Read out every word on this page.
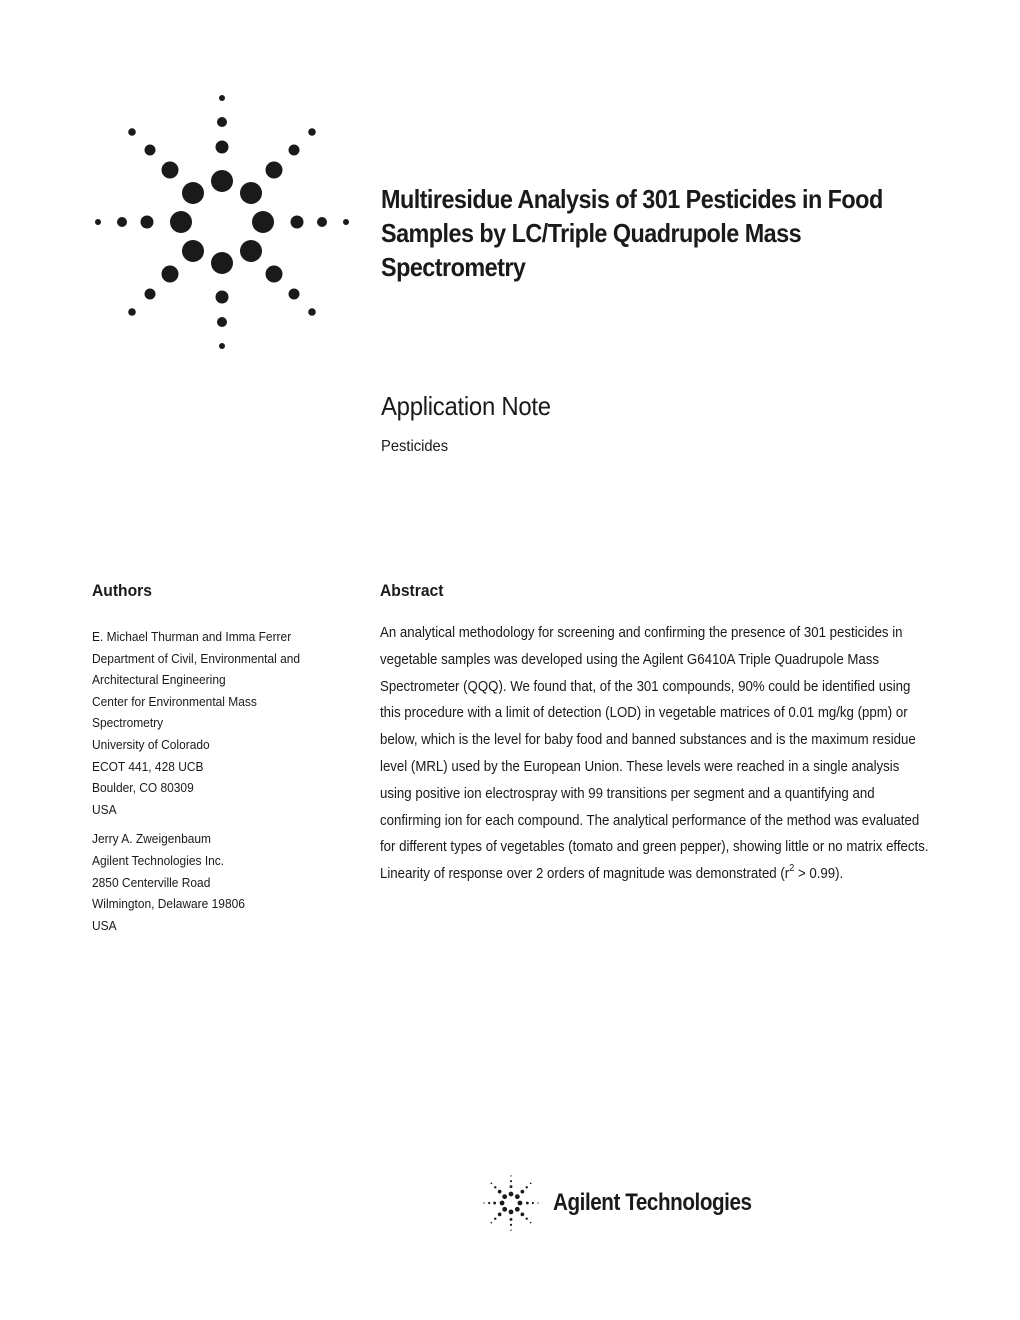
Multiresidue Analysis of 301 Pesticides in Food Samples by LC/Triple Quadrupole Mass Spectrometry
Application Note
Pesticides
Authors
E. Michael Thurman and Imma Ferrer
Department of Civil, Environmental and
Architectural Engineering
Center for Environmental Mass
Spectrometry
University of Colorado
ECOT 441, 428 UCB
Boulder, CO 80309
USA
Jerry A. Zweigenbaum
Agilent Technologies Inc.
2850 Centerville Road
Wilmington, Delaware 19806
USA
Abstract

An analytical methodology for screening and confirming the presence of 301 pesticides in vegetable samples was developed using the Agilent G6410A Triple Quadrupole Mass Spectrometer (QQQ). We found that, of the 301 compounds, 90% could be identified using this procedure with a limit of detection (LOD) in vegetable matrices of 0.01 mg/kg (ppm) or below, which is the level for baby food and banned substances and is the maximum residue level (MRL) used by the European Union. These levels were reached in a single analysis using positive ion electrospray with 99 transitions per segment and a quantifying and confirming ion for each compound. The analytical performance of the method was evaluated for different types of vegetables (tomato and green pepper), showing little or no matrix effects. Linearity of response over 2 orders of magnitude was demonstrated $(r^2 > 0.99)$.

Agilent Technologies
